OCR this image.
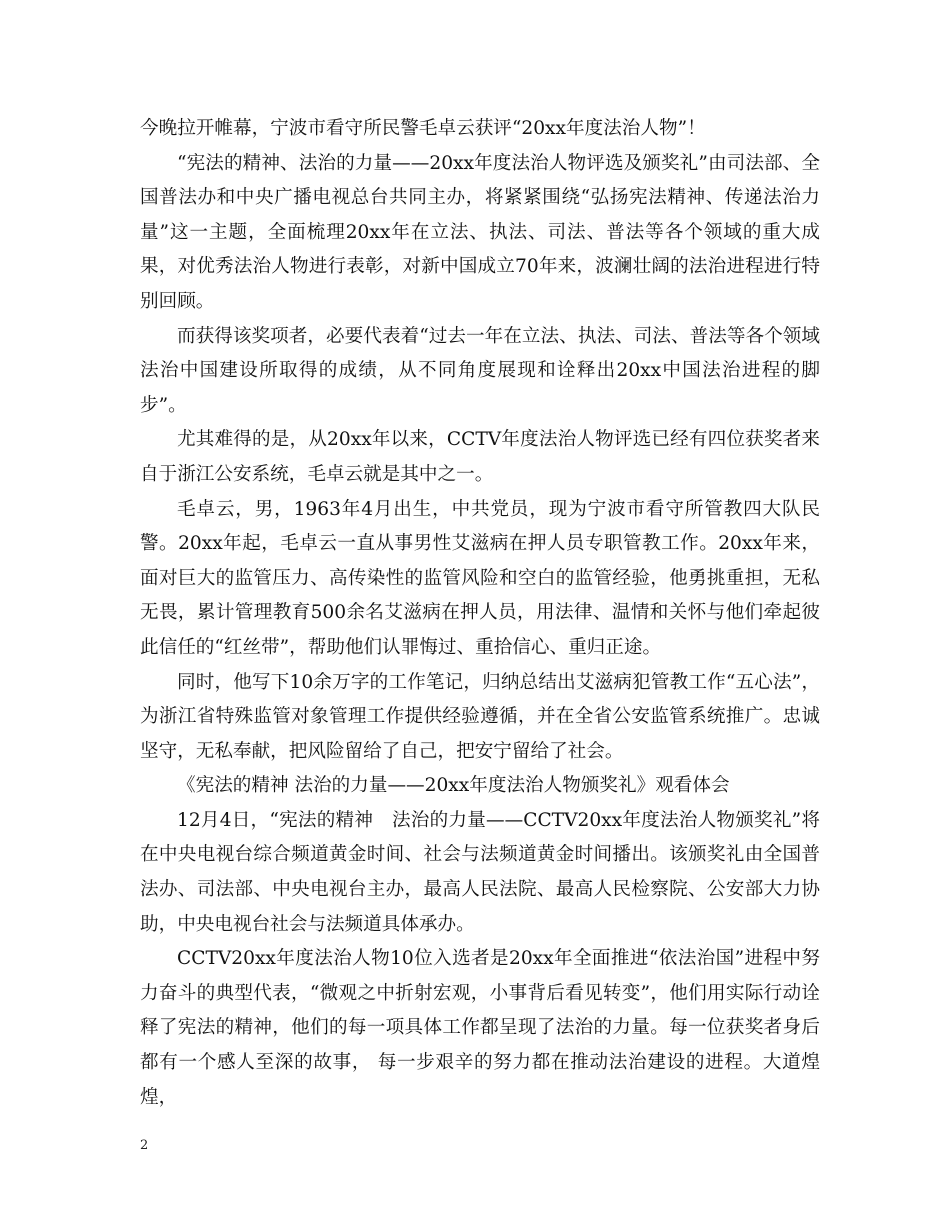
今晚拉开帷幕，宁波市看守所民警毛卓云获评“20xx年度法治人物”！

“宪法的精神、法治的力量——20xx年度法治人物评选及颁奖礼”由司法部、全国普法办和中央广播电视总台共同主办，将紧紧围绕“弘扬宪法精神、传递法治力量”这一主题，全面梳理20xx年在立法、执法、司法、普法等各个领域的重大成果，对优秀法治人物进行表彰，对新中国成立70年来，波澜壮阔的法治进程进行特别回顾。

而获得该奖项者，必要代表着“过去一年在立法、执法、司法、普法等各个领域法治中国建设所取得的成绩，从不同角度展现和诠释出20xx中国法治进程的脚步”。

尤其难得的是，从20xx年以来，CCTV年度法治人物评选已经有四位获奖者来自于浙江公安系统，毛卓云就是其中之一。

毛卓云，男，1963年4月出生，中共党员，现为宁波市看守所管教四大队民警。20xx年起，毛卓云一直从事男性艾滋病在押人员专职管教工作。20xx年来，面对巨大的监管压力、高传染性的监管风险和空白的监管经验，他勇挑重担，无私无畏，累计管理教育500余名艾滋病在押人员，用法律、温情和关怀与他们牵起彼此信任的“红丝带”，帮助他们认罪悔过、重拾信心、重归正途。

同时，他写下10余万字的工作笔记，归纳总结出艾滋病犯管教工作“五心法”，为浙江省特殊监管对象管理工作提供经验遵循，并在全省公安监管系统推广。忠诚坚守，无私奉献，把风险留给了自己，把安宁留给了社会。

《宪法的精神 法治的力量——20xx年度法治人物颁奖礼》观看体会

12月4日，“宪法的精神　法治的力量——CCTV20xx年度法治人物颁奖礼”将在中央电视台综合频道黄金时间、社会与法频道黄金时间播出。该颁奖礼由全国普法办、司法部、中央电视台主办，最高人民法院、最高人民检察院、公安部大力协助，中央电视台社会与法频道具体承办。

CCTV20xx年度法治人物10位入选者是20xx年全面推进“依法治国”进程中努力奋斗的典型代表，“微观之中折射宏观，小事背后看见转变”，他们用实际行动诠释了宪法的精神，他们的每一项具体工作都呈现了法治的力量。每一位获奖者身后都有一个感人至深的故事， 每一步艰辛的努力都在推动法治建设的进程。大道煌煌，

2
